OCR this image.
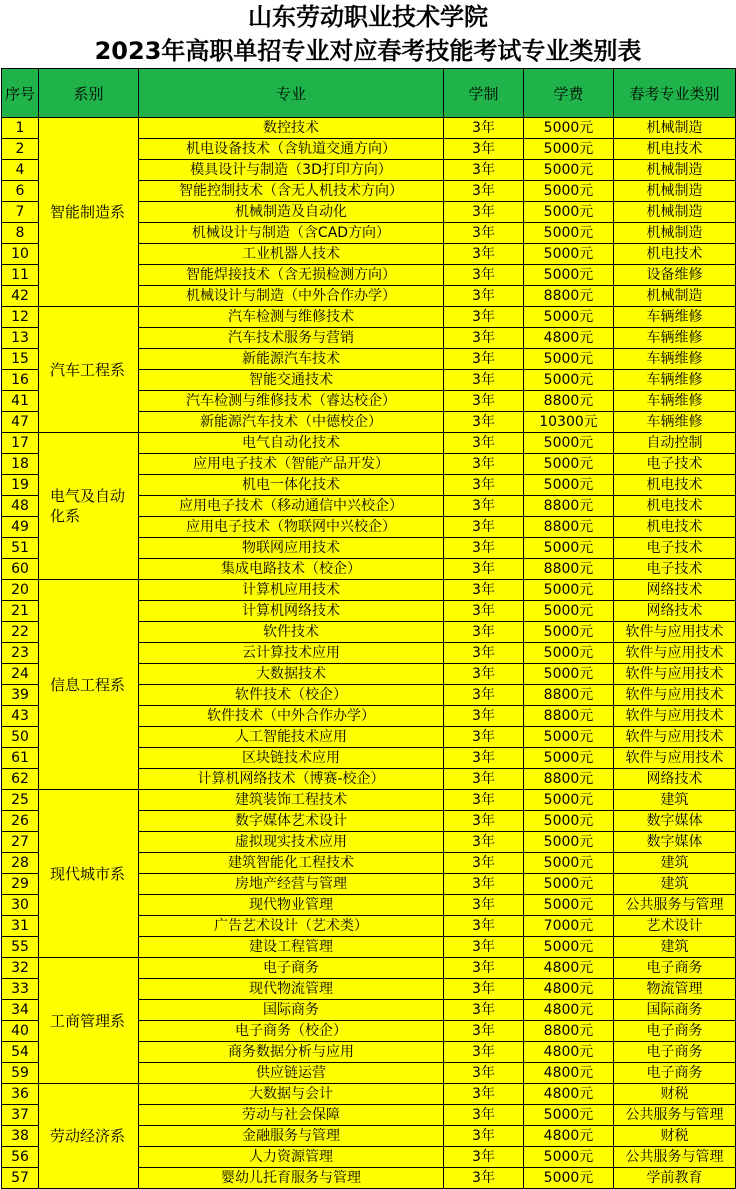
山东劳动职业技术学院
2023年高职单招专业对应春考技能考试专业类别表
序号	系别	专业	学制	学费	春考专业类别
1	智能制造系	数控技术	3年	5000元	机械制造
2		机电设备技术（含轨道交通方向）	3年	5000元	机电技术
4		模具设计与制造（3D打印方向）	3年	5000元	机械制造
6		智能控制技术（含无人机技术方向）	3年	5000元	机械制造
7		机械制造及自动化	3年	5000元	机械制造
8		机械设计与制造（含CAD方向）	3年	5000元	机械制造
10		工业机器人技术	3年	5000元	机电技术
11		智能焊接技术（含无损检测方向）	3年	5000元	设备维修
42		机械设计与制造（中外合作办学）	3年	8800元	机械制造
12	汽车工程系	汽车检测与维修技术	3年	5000元	车辆维修
13		汽车技术服务与营销	3年	4800元	车辆维修
15		新能源汽车技术	3年	5000元	车辆维修
16		智能交通技术	3年	5000元	车辆维修
41		汽车检测与维修技术（睿达校企）	3年	8800元	车辆维修
47		新能源汽车技术（中德校企）	3年	10300元	车辆维修
17	电气及自动化系	电气自动化技术	3年	5000元	自动控制
18		应用电子技术（智能产品开发）	3年	5000元	电子技术
19		机电一体化技术	3年	5000元	机电技术
48		应用电子技术（移动通信中兴校企）	3年	8800元	机电技术
49		应用电子技术（物联网中兴校企）	3年	8800元	机电技术
51		物联网应用技术	3年	5000元	电子技术
60		集成电路技术（校企）	3年	8800元	电子技术
20	信息工程系	计算机应用技术	3年	5000元	网络技术
21		计算机网络技术	3年	5000元	网络技术
22		软件技术	3年	5000元	软件与应用技术
23		云计算技术应用	3年	5000元	软件与应用技术
24		大数据技术	3年	5000元	软件与应用技术
39		软件技术（校企）	3年	8800元	软件与应用技术
43		软件技术（中外合作办学）	3年	8800元	软件与应用技术
50		人工智能技术应用	3年	5000元	软件与应用技术
61		区块链技术应用	3年	5000元	软件与应用技术
62		计算机网络技术（博赛-校企）	3年	8800元	网络技术
25	现代城市系	建筑装饰工程技术	3年	5000元	建筑
26		数字媒体艺术设计	3年	5000元	数字媒体
27		虚拟现实技术应用	3年	5000元	数字媒体
28		建筑智能化工程技术	3年	5000元	建筑
29		房地产经营与管理	3年	5000元	建筑
30		现代物业管理	3年	5000元	公共服务与管理
31		广告艺术设计（艺术类）	3年	7000元	艺术设计
55		建设工程管理	3年	5000元	建筑
32	工商管理系	电子商务	3年	4800元	电子商务
33		现代物流管理	3年	4800元	物流管理
34		国际商务	3年	4800元	国际商务
40		电子商务（校企）	3年	8800元	电子商务
54		商务数据分析与应用	3年	4800元	电子商务
59		供应链运营	3年	4800元	电子商务
36	劳动经济系	大数据与会计	3年	4800元	财税
37		劳动与社会保障	3年	5000元	公共服务与管理
38		金融服务与管理	3年	4800元	财税
56		人力资源管理	3年	5000元	公共服务与管理
57		婴幼儿托育服务与管理	3年	5000元	学前教育
